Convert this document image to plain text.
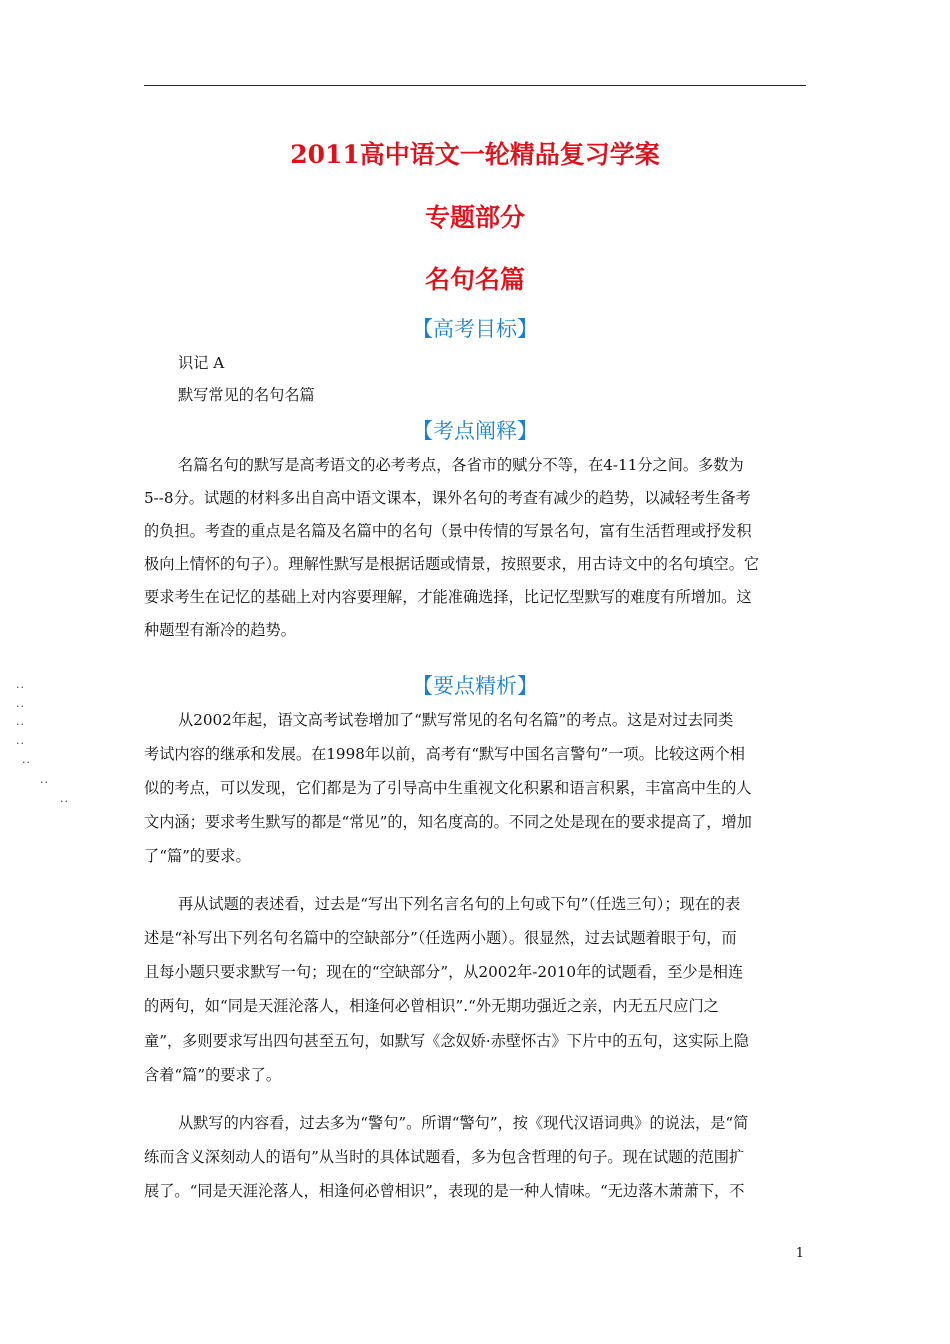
2011高中语文一轮精品复习学案
专题部分
名句名篇
【高考目标】
识记 A
默写常见的名句名篇
【考点阐释】
名篇名句的默写是高考语文的必考考点，各省市的赋分不等，在4-11分之间。多数为
5--8分。试题的材料多出自高中语文课本，课外名句的考查有减少的趋势，以减轻考生备考
的负担。考查的重点是名篇及名篇中的名句（景中传情的写景名句，富有生活哲理或抒发积
极向上情怀的句子）。理解性默写是根据话题或情景，按照要求，用古诗文中的名句填空。它
要求考生在记忆的基础上对内容要理解，才能准确选择，比记忆型默写的难度有所增加。这
种题型有渐冷的趋势。
【要点精析】
从2002年起，语文高考试卷增加了“默写常见的名句名篇”的考点。这是对过去同类
考试内容的继承和发展。在1998年以前，高考有“默写中国名言警句”一项。比较这两个相
似的考点，可以发现，它们都是为了引导高中生重视文化积累和语言积累，丰富高中生的人
文内涵；要求考生默写的都是“常见”的，知名度高的。不同之处是现在的要求提高了，增加
了“篇”的要求。
再从试题的表述看，过去是“写出下列名言名句的上句或下句”（任选三句）；现在的表
述是“补写出下列名句名篇中的空缺部分”（任选两小题）。很显然，过去试题着眼于句，而
且每小题只要求默写一句；现在的“空缺部分”，从2002年-2010年的试题看，至少是相连
的两句，如“同是天涯沦落人，相逢何必曾相识”.“外无期功强近之亲，内无五尺应门之
童”，多则要求写出四句甚至五句，如默写《念奴娇·赤壁怀古》下片中的五句，这实际上隐
含着“篇”的要求了。
从默写的内容看，过去多为“警句”。所谓“警句”，按《现代汉语词典》的说法，是“简
练而含义深刻动人的语句”从当时的具体试题看，多为包含哲理的句子。现在试题的范围扩
展了。“同是天涯沦落人，相逢何必曾相识”，表现的是一种人情味。“无边落木萧萧下，不
..
..
..
..
..
..
..
1
